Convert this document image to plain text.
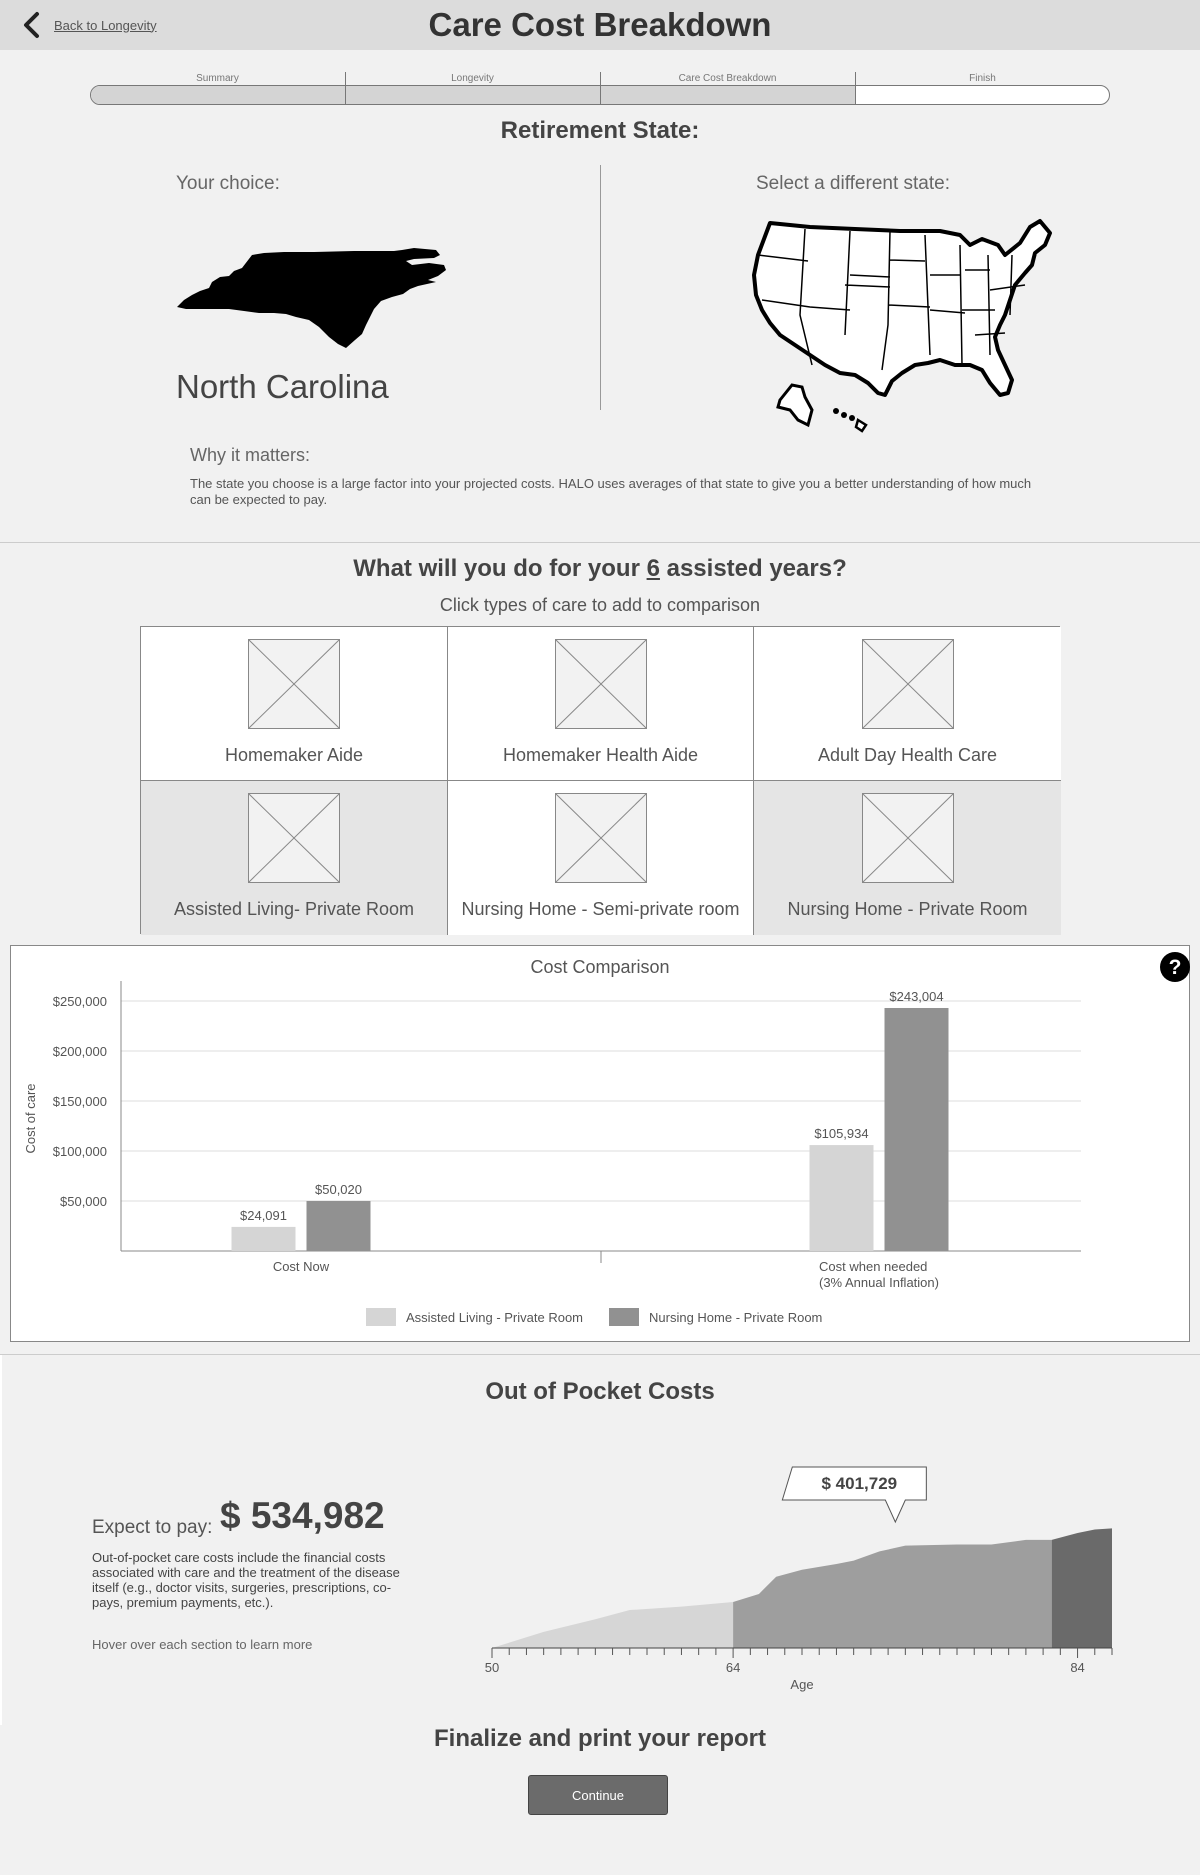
Back to Longevity	Care Cost Breakdown
Summary	Longevity	Care Cost Breakdown	Finish
Retirement State:
Your choice:
North Carolina
Select a different state:
Why it matters:
The state you choose is a large factor into your projected costs. HALO uses averages of that state to give you a better understanding of how much can be expected to pay.
What will you do for your 6 assisted years?
Click types of care to add to comparison
Homemaker Aide	Homemaker Health Aide	Adult Day Health Care
Assisted Living- Private Room	Nursing Home - Semi-private room	Nursing Home - Private Room
Cost Comparison
$50,000
$100,000
$150,000
$200,000
$250,000
Cost of care
$24,091
$105,934
$50,020
$243,004
Cost Now	Cost when needed
(3% Annual Inflation)
Assisted Living - Private Room	Nursing Home - Private Room
?
Out of Pocket Costs
Expect to pay: $ 534,982
Out-of-pocket care costs include the financial costs associated with care and the treatment of the disease itself (e.g., doctor visits, surgeries, prescriptions, co-pays, premium payments, etc.).
Hover over each section to learn more
50	64	84
Age
$ 401,729
Finalize and print your report
Continue
